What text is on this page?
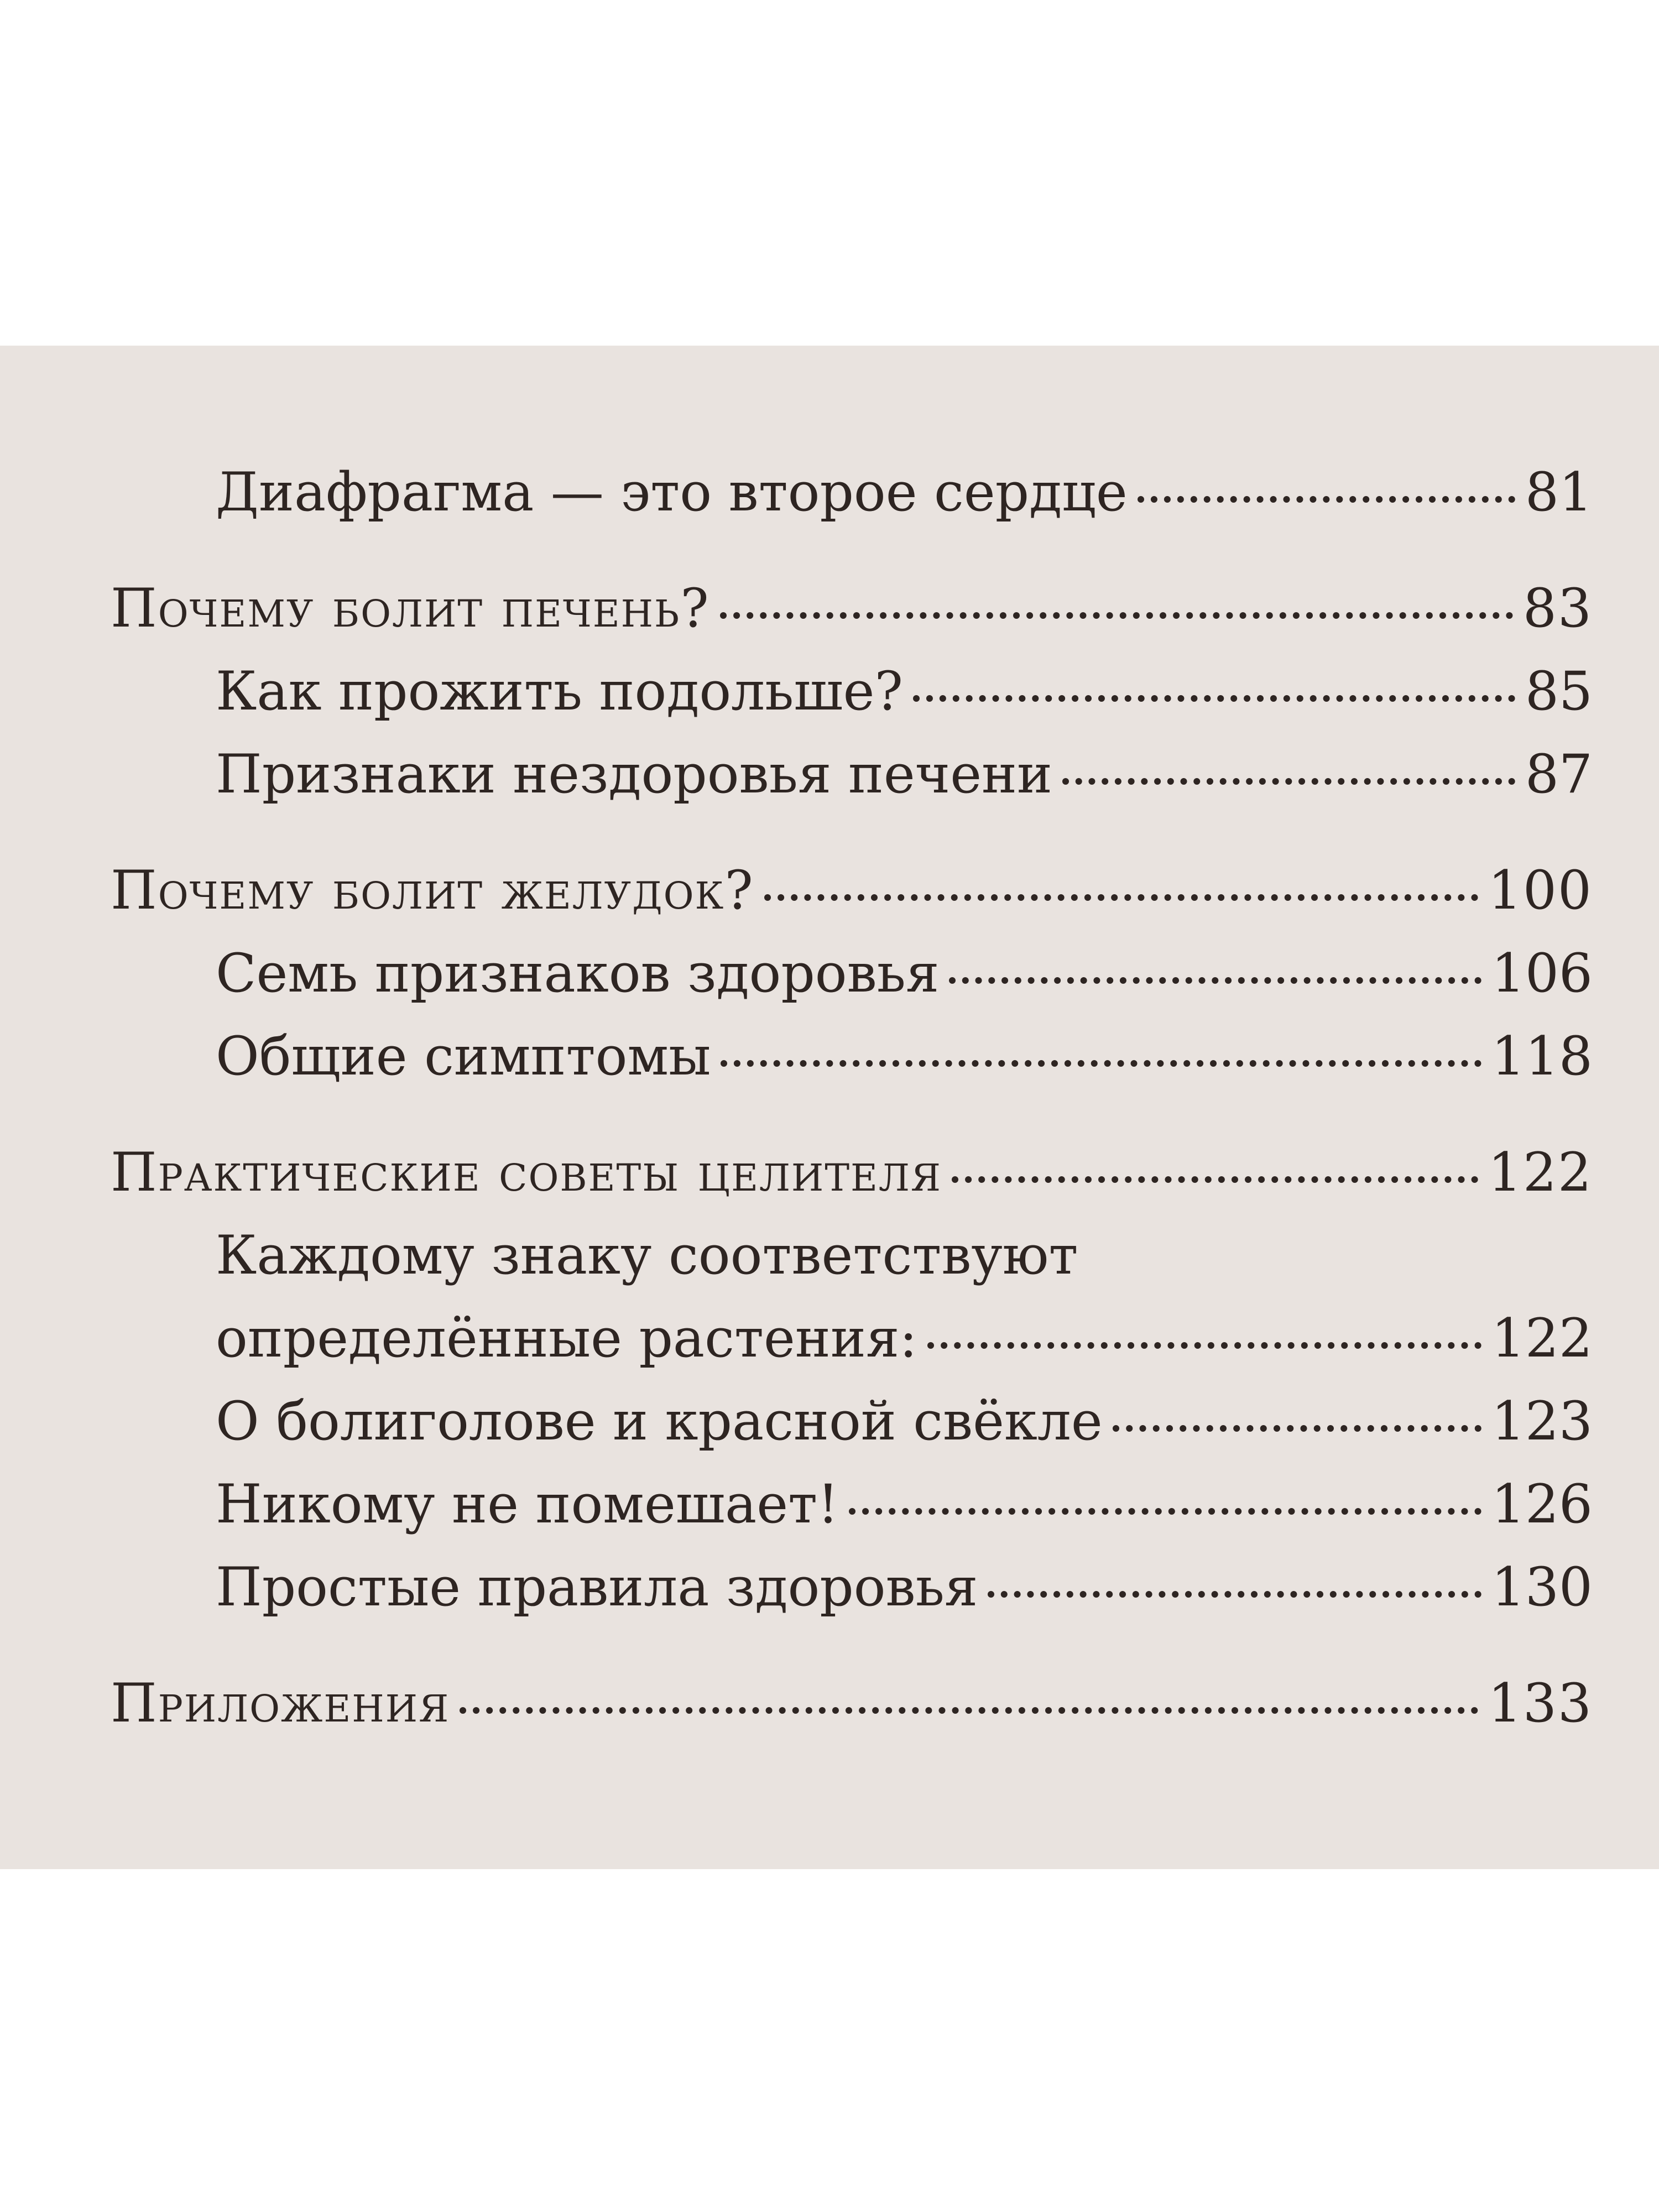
Диафрагма — это второе сердце	81
Почему болит печень?	83
Как прожить подольше?	85
Признаки нездоровья печени	87
Почему болит желудок?	100
Семь признаков здоровья	106
Общие симптомы	118
Практические советы целителя	122
Каждому знаку соответствуют
определённые растения:	122
О болиголове и красной свёкле	123
Никому не помешает!	126
Простые правила здоровья	130
Приложения	133
